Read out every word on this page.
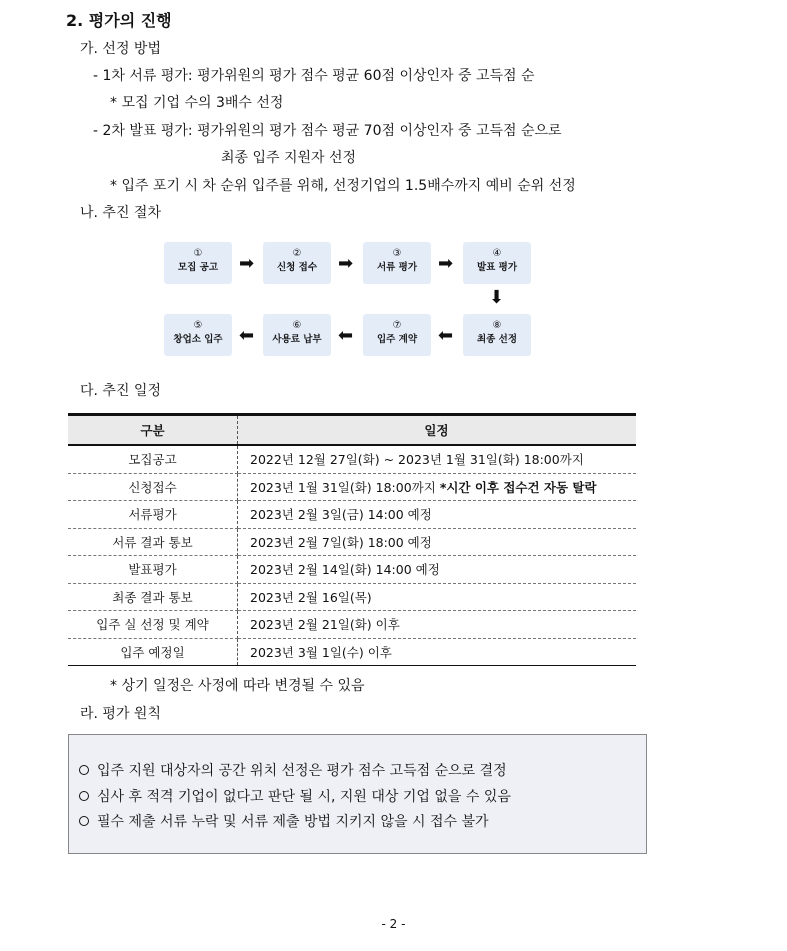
2. 평가의 진행
가. 선정 방법
- 1차 서류 평가: 평가위원의 평가 점수 평균 60점 이상인자 중 고득점 순
* 모집 기업 수의 3배수 선정
- 2차 발표 평가: 평가위원의 평가 점수 평균 70점 이상인자 중 고득점 순으로
최종 입주 지원자 선정
* 입주 포기 시 차 순위 입주를 위해, 선정기업의 1.5배수까지 예비 순위 선정
나. 추진 절차
①
모집 공고	➡	②
신청 접수	➡	③
서류 평가	➡	④
발표 평가
⬇
⑤
창업소 입주 ⬅	⑥
사용료 납부 ⬅	⑦
입주 계약	⬅	⑧
최종 선정
다. 추진 일정
구분	일정
모집공고	2022년 12월 27일(화) ~ 2023년 1월 31일(화) 18:00까지
신청접수	2023년 1월 31일(화) 18:00까지 *시간 이후 접수건 자동 탈락
서류평가	2023년 2월 3일(금) 14:00 예정
서류 결과 통보	2023년 2월 7일(화) 18:00 예정
발표평가	2023년 2월 14일(화) 14:00 예정
최종 결과 통보	2023년 2월 16일(목)
입주 실 선정 및 계약	2023년 2월 21일(화) 이후
입주 예정일	2023년 3월 1일(수) 이후
* 상기 일정은 사정에 따라 변경될 수 있음
라. 평가 원칙
입주 지원 대상자의 공간 위치 선정은 평가 점수 고득점 순으로 결정
심사 후 적격 기업이 없다고 판단 될 시, 지원 대상 기업 없을 수 있음
필수 제출 서류 누락 및 서류 제출 방법 지키지 않을 시 접수 불가
- 2 -
